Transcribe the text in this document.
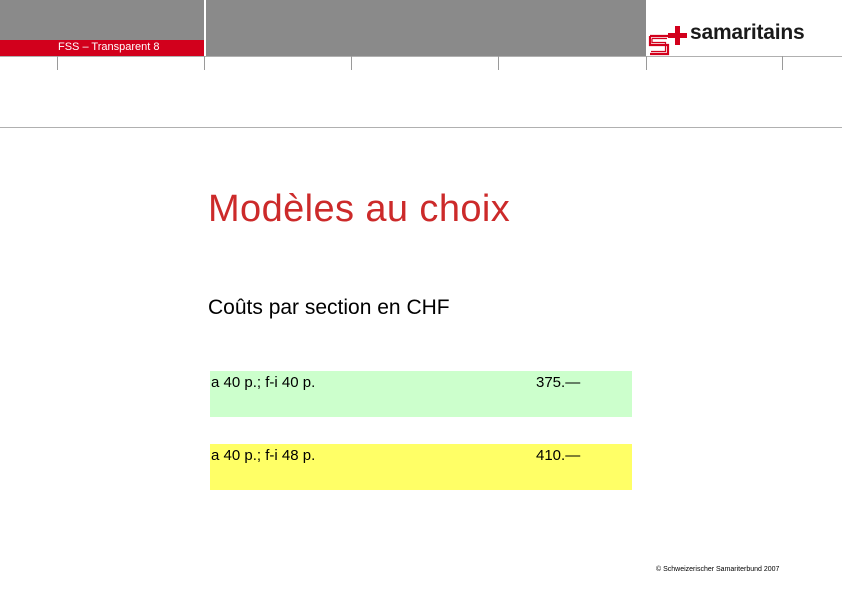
FSS – Transparent 8
samaritains
Modèles au choix
Coûts par section en CHF
a 40 p.; f-i 40 p.	375.—
a 40 p.; f-i 48 p.	410.—
© Schweizerischer Samariterbund 2007
